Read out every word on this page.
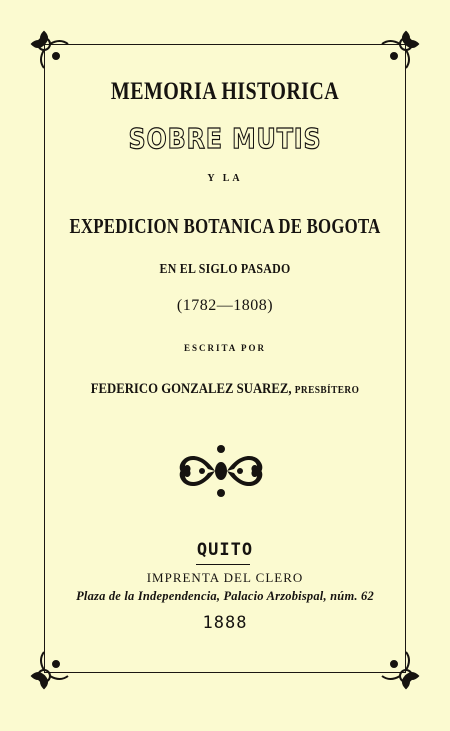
MEMORIA HISTORICA
SOBRE MUTIS
Y LA
EXPEDICION BOTANICA DE BOGOTA
EN EL SIGLO PASADO
(1782—1808)
ESCRITA POR
FEDERICO GONZALEZ SUAREZ, PRESBÍTERO
QUITO
IMPRENTA DEL CLERO
Plaza de la Independencia, Palacio Arzobispal, núm. 62
1888
